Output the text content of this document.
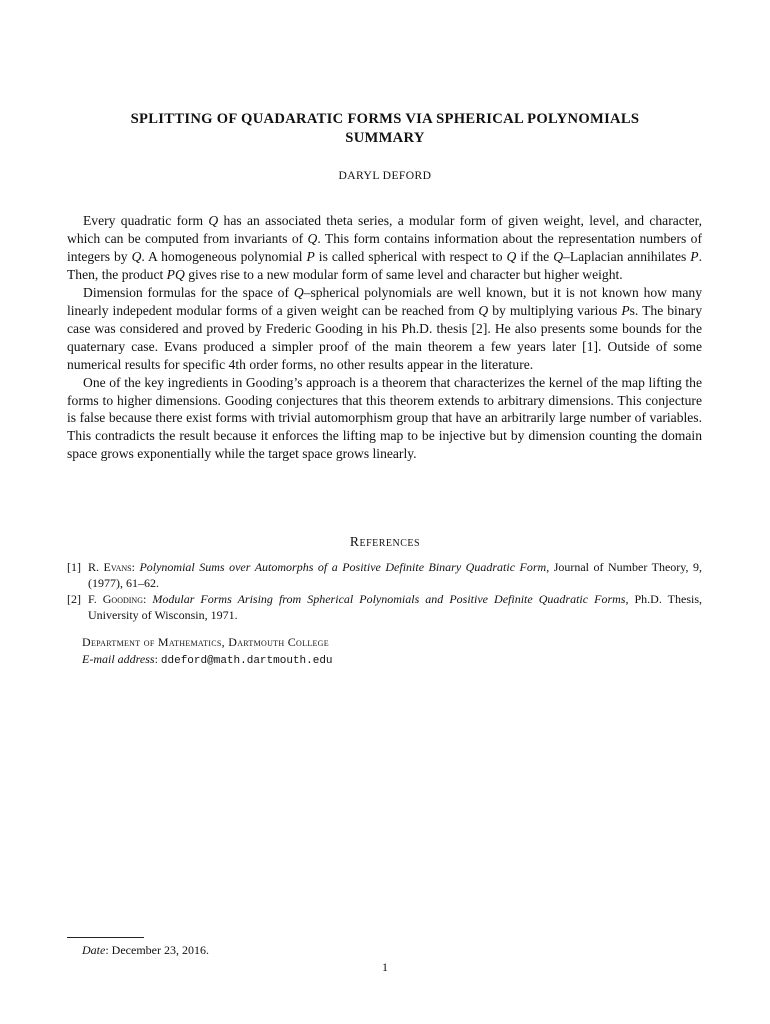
SPLITTING OF QUADARATIC FORMS VIA SPHERICAL POLYNOMIALS
SUMMARY
DARYL DEFORD

Every quadratic form Q has an associated theta series, a modular form of given weight, level, and character, which can be computed from invariants of Q. This form contains information about the representation numbers of integers by Q. A homogeneous polynomial P is called spherical with respect to Q if the Q–Laplacian annihilates P. Then, the product PQ gives rise to a new modular form of same level and character but higher weight.

Dimension formulas for the space of Q–spherical polynomials are well known, but it is not known how many linearly indepedent modular forms of a given weight can be reached from Q by multiplying various Ps. The binary case was considered and proved by Frederic Gooding in his Ph.D. thesis [2]. He also presents some bounds for the quaternary case. Evans produced a simpler proof of the main theorem a few years later [1]. Outside of some numerical results for specific 4th order forms, no other results appear in the literature.

One of the key ingredients in Gooding’s approach is a theorem that characterizes the kernel of the map lifting the forms to higher dimensions. Gooding conjectures that this theorem extends to arbitrary dimensions. This conjecture is false because there exist forms with trivial automorphism group that have an arbitrarily large number of variables. This contradicts the result because it enforces the lifting map to be injective but by dimension counting the domain space grows exponentially while the target space grows linearly.

References
[1] R. Evans: Polynomial Sums over Automorphs of a Positive Definite Binary Quadratic Form, Journal of Number Theory, 9, (1977), 61–62.
[2] F. Gooding: Modular Forms Arising from Spherical Polynomials and Positive Definite Quadratic Forms, Ph.D. Thesis, University of Wisconsin, 1971.
Department of Mathematics, Dartmouth College
E-mail address: ddeford@math.dartmouth.edu
Date: December 23, 2016.
1
